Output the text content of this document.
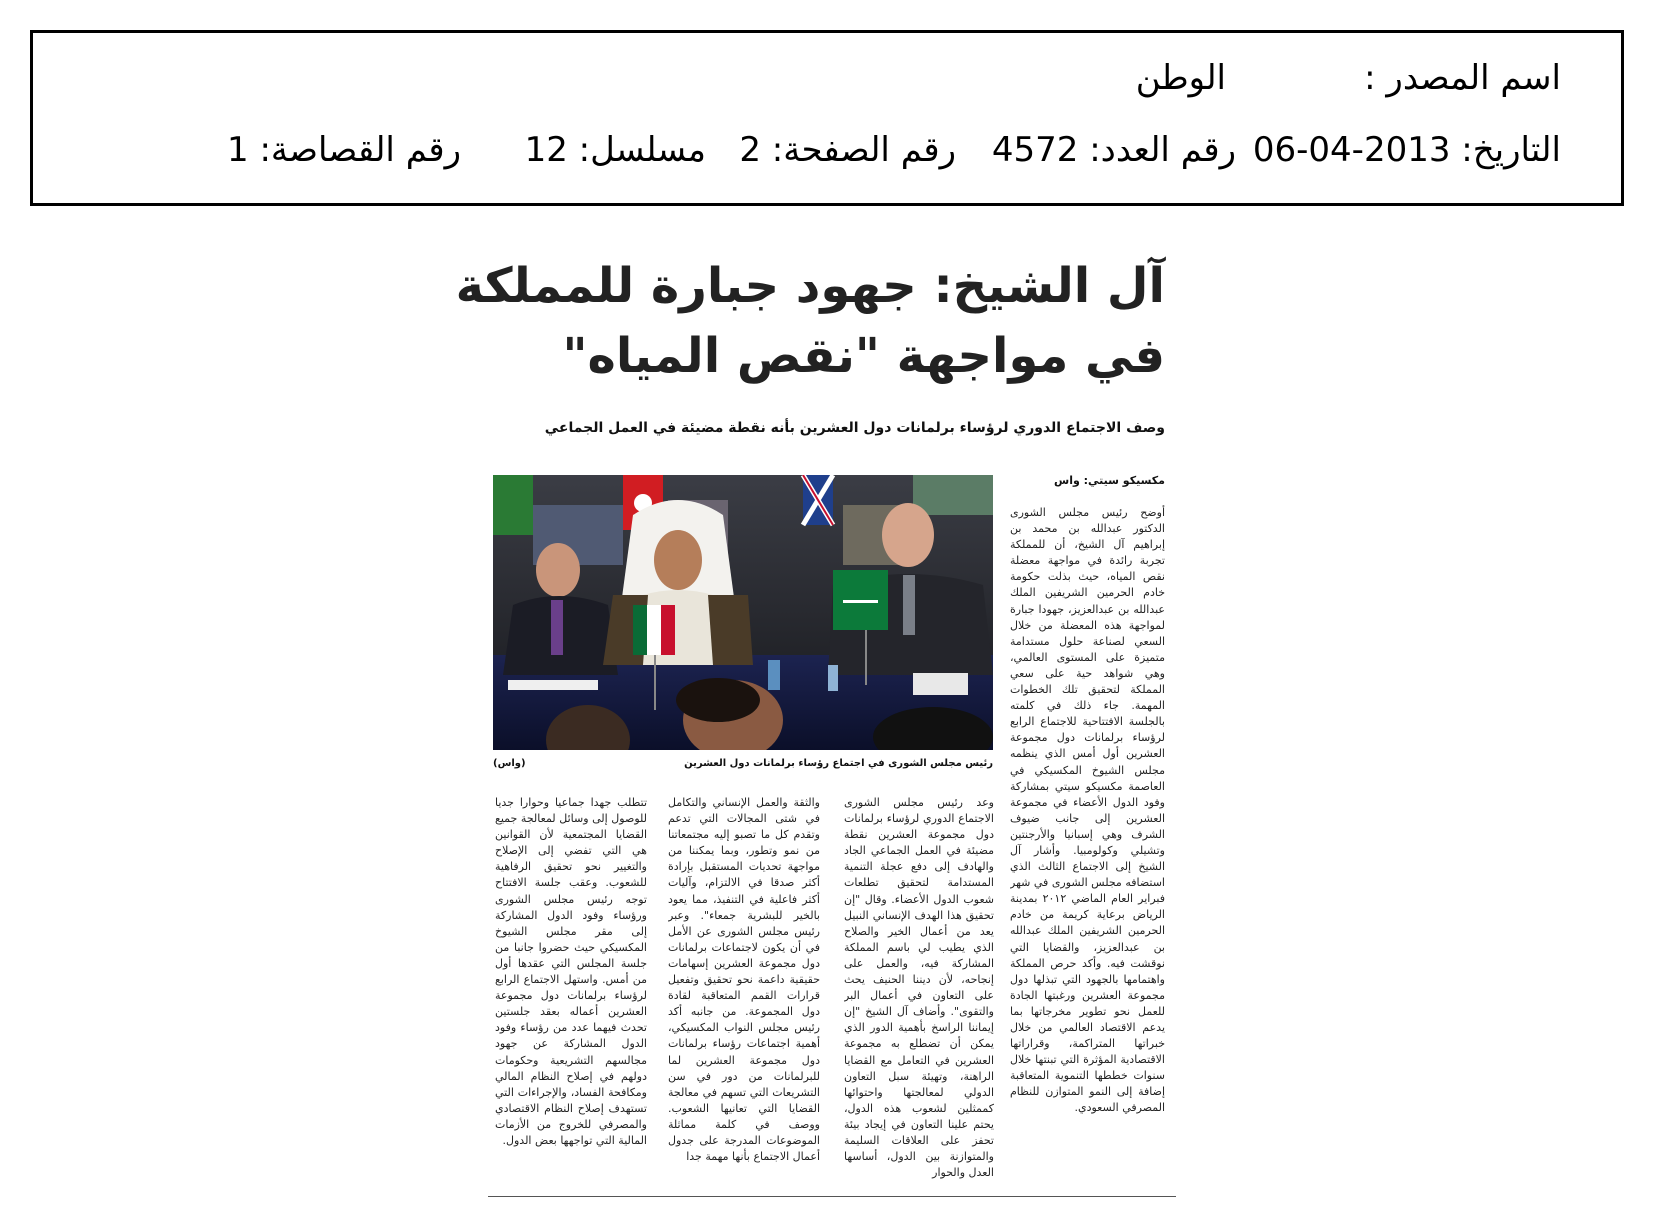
اسم المصدر :
الوطن
التاريخ: 2013-04-06
رقم العدد: 4572
رقم الصفحة: 2
مسلسل: 12
رقم القصاصة: 1
آل الشيخ: جهود جبارة للمملكة
في مواجهة "نقص المياه"
وصف الاجتماع الدوري لرؤساء برلمانات دول العشرين بأنه نقطة مضيئة في العمل الجماعي
مكسيكو سيتي: واس
رئيس مجلس الشورى في اجتماع رؤساء برلمانات دول العشرين
(واس)
أوضح رئيس مجلس الشورى الدكتور عبدالله بن محمد بن إبراهيم آل الشيخ، أن للمملكة تجربة رائدة في مواجهة معضلة نقص المياه، حيث بذلت حكومة خادم الحرمين الشريفين الملك عبدالله بن عبدالعزيز، جهودا جبارة لمواجهة هذه المعضلة من خلال السعي لصناعة حلول مستدامة متميزة على المستوى العالمي، وهي شواهد حية على سعي المملكة لتحقيق تلك الخطوات المهمة. جاء ذلك في كلمته بالجلسة الافتتاحية للاجتماع الرابع لرؤساء برلمانات دول مجموعة العشرين أول أمس الذي ينظمه مجلس الشيوخ المكسيكي في العاصمة مكسيكو سيتي بمشاركة وفود الدول الأعضاء في مجموعة العشرين إلى جانب ضيوف الشرف وهي إسبانيا والأرجنتين وتشيلي وكولومبيا. وأشار آل الشيخ إلى الاجتماع الثالث الذي استضافه مجلس الشورى في شهر فبراير العام الماضي ٢٠١٢ بمدينة الرياض برعاية كريمة من خادم الحرمين الشريفين الملك عبدالله بن عبدالعزيز، والقضايا التي نوقشت فيه. وأكد حرص المملكة واهتمامها بالجهود التي تبذلها دول مجموعة العشرين ورغبتها الجادة للعمل نحو تطوير مخرجاتها بما يدعم الاقتصاد العالمي من خلال خبراتها المتراكمة، وقراراتها الاقتصادية المؤثرة التي تبنتها خلال سنوات خططها التنموية المتعاقبة إضافة إلى النمو المتوازن للنظام المصرفي السعودي.
وعد رئيس مجلس الشورى الاجتماع الدوري لرؤساء برلمانات دول مجموعة العشرين نقطة مضيئة في العمل الجماعي الجاد والهادف إلى دفع عجلة التنمية المستدامة لتحقيق تطلعات شعوب الدول الأعضاء. وقال "إن تحقيق هذا الهدف الإنساني النبيل يعد من أعمال الخير والصلاح الذي يطيب لي باسم المملكة المشاركة فيه، والعمل على إنجاحه، لأن ديننا الحنيف يحث على التعاون في أعمال البر والتقوى". وأضاف آل الشيخ "إن إيماننا الراسخ بأهمية الدور الذي يمكن أن تضطلع به مجموعة العشرين في التعامل مع القضايا الراهنة، وتهيئة سبل التعاون الدولي لمعالجتها واحتوائها كممثلين لشعوب هذه الدول، يحتم علينا التعاون في إيجاد بيئة تحفز على العلاقات السليمة والمتوازنة بين الدول، أساسها العدل والحوار
والثقة والعمل الإنساني والتكامل في شتى المجالات التي تدعم وتقدم كل ما تصبو إليه مجتمعاتنا من نمو وتطور، وبما يمكننا من مواجهة تحديات المستقبل بإرادة أكثر صدقا في الالتزام، وآليات أكثر فاعلية في التنفيذ، مما يعود بالخير للبشرية جمعاء". وعبر رئيس مجلس الشورى عن الأمل في أن يكون لاجتماعات برلمانات دول مجموعة العشرين إسهامات حقيقية داعمة نحو تحقيق وتفعيل قرارات القمم المتعاقبة لقادة دول المجموعة. من جانبه أكد رئيس مجلس النواب المكسيكي، أهمية اجتماعات رؤساء برلمانات دول مجموعة العشرين لما للبرلمانات من دور في سن التشريعات التي تسهم في معالجة القضايا التي تعانيها الشعوب. ووصف في كلمة مماثلة الموضوعات المدرجة على جدول أعمال الاجتماع بأنها مهمة جدا
تتطلب جهدا جماعيا وحوارا جديا للوصول إلى وسائل لمعالجة جميع القضايا المجتمعية لأن القوانين هي التي تفضي إلى الإصلاح والتغيير نحو تحقيق الرفاهية للشعوب. وعقب جلسة الافتتاح توجه رئيس مجلس الشورى ورؤساء وفود الدول المشاركة إلى مقر مجلس الشيوخ المكسيكي حيث حضروا جانبا من جلسة المجلس التي عقدها أول من أمس. واستهل الاجتماع الرابع لرؤساء برلمانات دول مجموعة العشرين أعماله بعقد جلستين تحدث فيهما عدد من رؤساء وفود الدول المشاركة عن جهود مجالسهم التشريعية وحكومات دولهم في إصلاح النظام المالي ومكافحة الفساد، والإجراءات التي تستهدف إصلاح النظام الاقتصادي والمصرفي للخروج من الأزمات المالية التي تواجهها بعض الدول.
